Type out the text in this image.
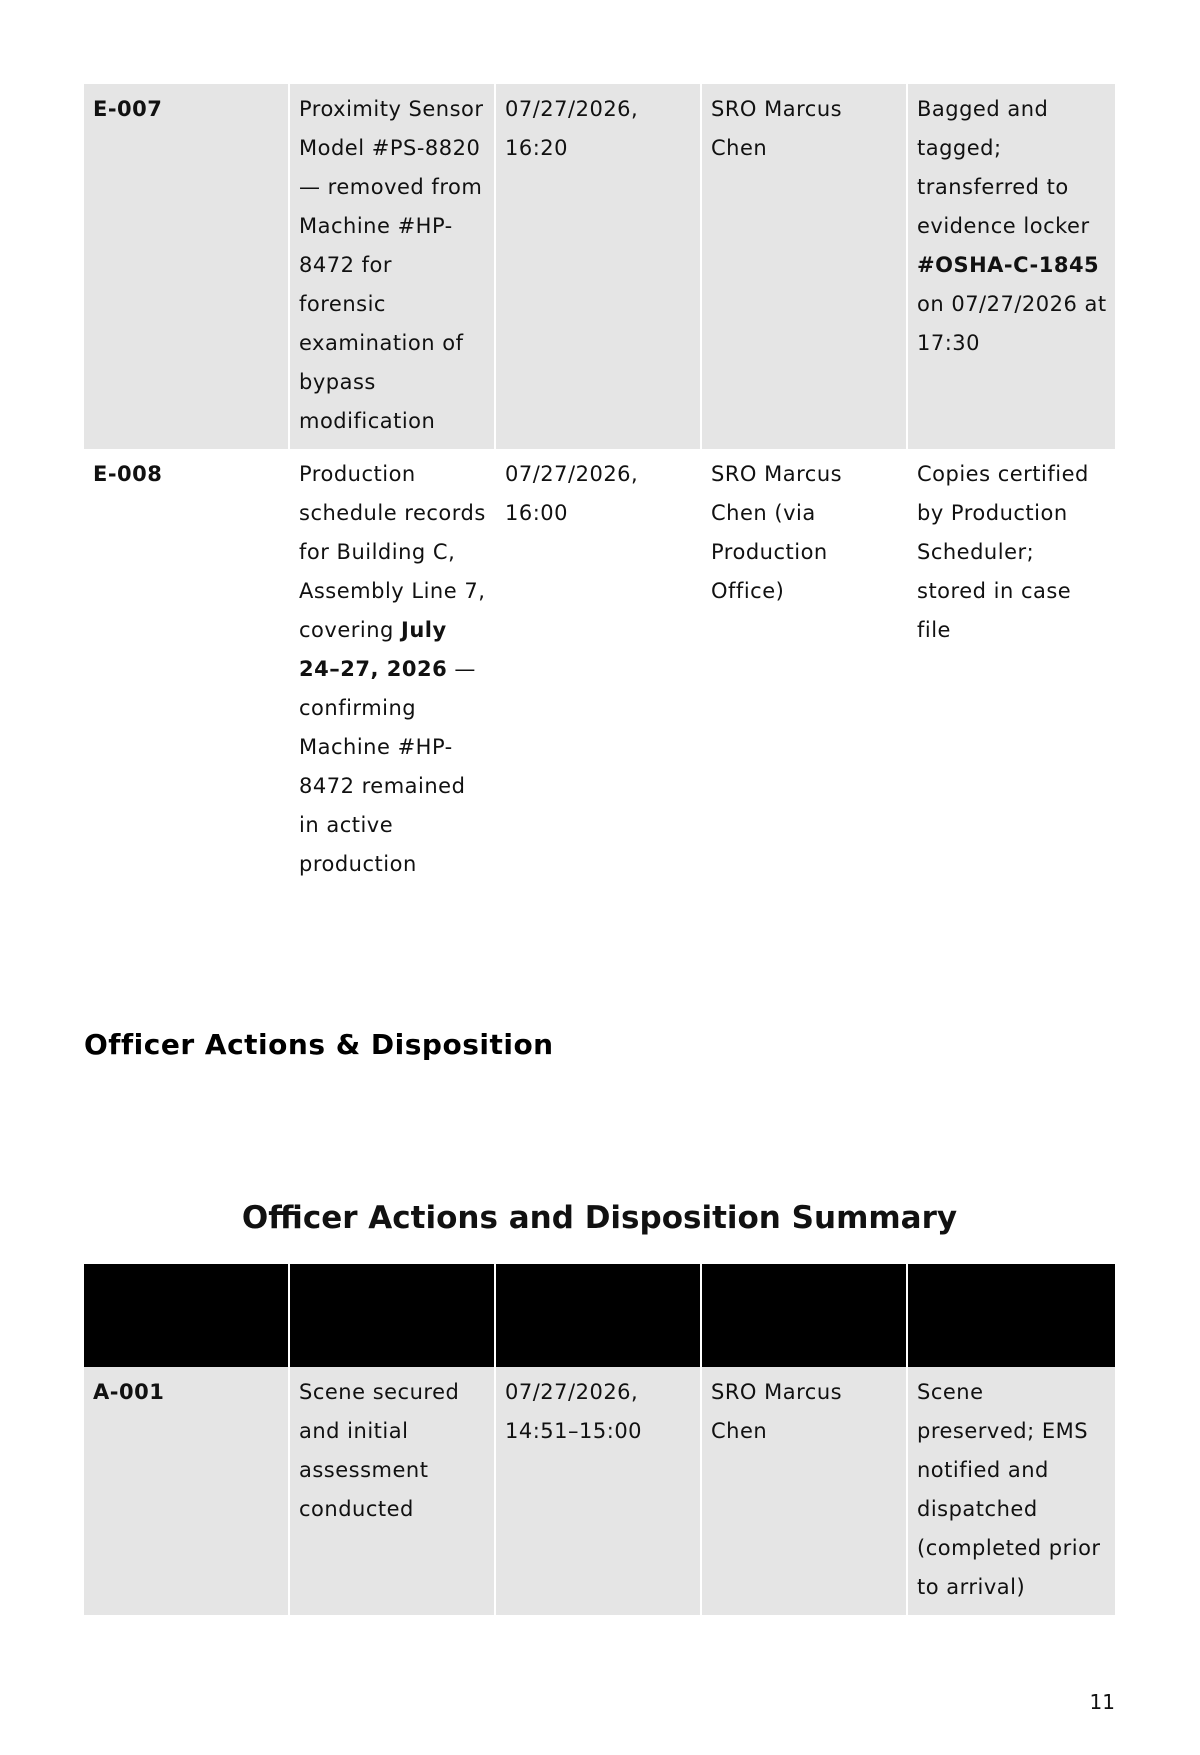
E-007	Proximity Sensor Model #PS-8820 — removed from Machine #HP-8472 for forensic examination of bypass modification	07/27/2026, 16:20	SRO Marcus Chen	Bagged and tagged; transferred to evidence locker #OSHA-C-1845 on 07/27/2026 at 17:30
E-008	Production schedule records for Building C, Assembly Line 7, covering July 24–27, 2026 — confirming Machine #HP-8472 remained in active production	07/27/2026, 16:00	SRO Marcus Chen (via Production Office)	Copies certified by Production Scheduler; stored in case file
Officer Actions & Disposition
Officer Actions and Disposition Summary

A-001	Scene secured and initial assessment conducted	07/27/2026, 14:51–15:00	SRO Marcus Chen	Scene preserved; EMS notified and dispatched (completed prior to arrival)
11
